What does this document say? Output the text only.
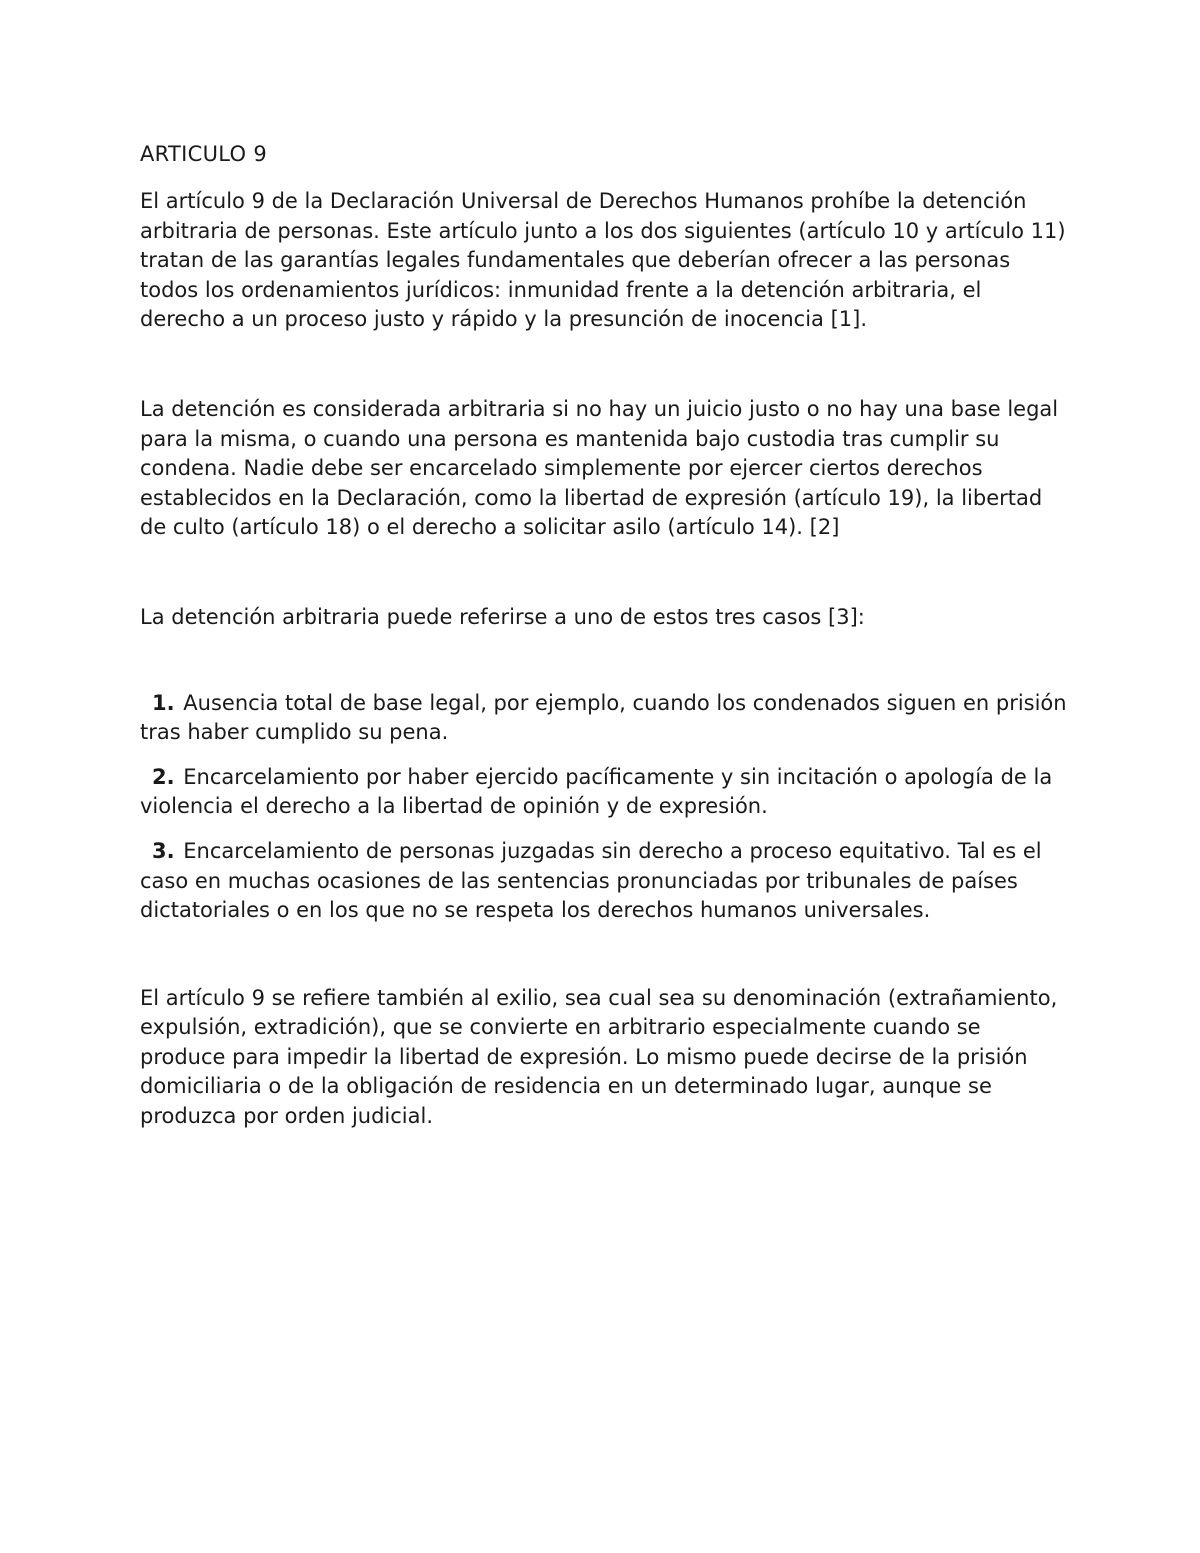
ARTICULO 9

El artículo 9 de la Declaración Universal de Derechos Humanos prohíbe la detención arbitraria de personas. Este artículo junto a los dos siguientes (artículo 10 y artículo 11) tratan de las garantías legales fundamentales que deberían ofrecer a las personas todos los ordenamientos jurídicos: inmunidad frente a la detención arbitraria, el derecho a un proceso justo y rápido y la presunción de inocencia [1].

La detención es considerada arbitraria si no hay un juicio justo o no hay una base legal para la misma, o cuando una persona es mantenida bajo custodia tras cumplir su condena. Nadie debe ser encarcelado simplemente por ejercer ciertos derechos establecidos en la Declaración, como la libertad de expresión (artículo 19), la libertad de culto (artículo 18) o el derecho a solicitar asilo (artículo 14). [2]

La detención arbitraria puede referirse a uno de estos tres casos [3]:

1. Ausencia total de base legal, por ejemplo, cuando los condenados siguen en prisión tras haber cumplido su pena.
2. Encarcelamiento por haber ejercido pacíficamente y sin incitación o apología de la violencia el derecho a la libertad de opinión y de expresión.
3. Encarcelamiento de personas juzgadas sin derecho a proceso equitativo. Tal es el caso en muchas ocasiones de las sentencias pronunciadas por tribunales de países dictatoriales o en los que no se respeta los derechos humanos universales.

El artículo 9 se refiere también al exilio, sea cual sea su denominación (extrañamiento, expulsión, extradición), que se convierte en arbitrario especialmente cuando se produce para impedir la libertad de expresión. Lo mismo puede decirse de la prisión domiciliaria o de la obligación de residencia en un determinado lugar, aunque se produzca por orden judicial.
